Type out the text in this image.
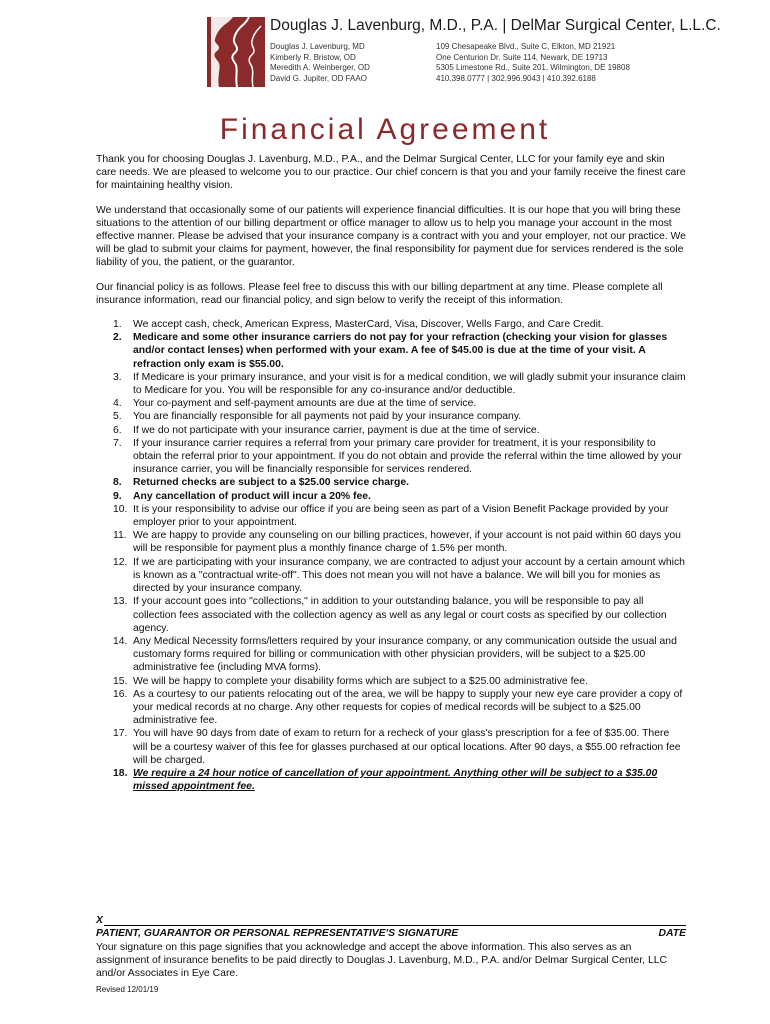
Douglas J. Lavenburg, M.D., P.A. | DelMar Surgical Center, L.L.C.
Douglas J. Lavenburg, MD
Kimberly R. Bristow, OD
Meredith A. Weinberger, OD
David G. Jupiter, OD FAAO
109 Chesapeake Blvd., Suite C, Elkton, MD 21921
One Centurion Dr. Suite 114, Newark, DE 19713
5305 Limestone Rd., Suite 201, Wilmington, DE 19808
410.398.0777 | 302.996.9043 | 410.392.6188
Financial Agreement

Thank you for choosing Douglas J. Lavenburg, M.D., P.A., and the Delmar Surgical Center, LLC for your family eye and skin care needs. We are pleased to welcome you to our practice. Our chief concern is that you and your family receive the finest care for maintaining healthy vision.

We understand that occasionally some of our patients will experience financial difficulties. It is our hope that you will bring these situations to the attention of our billing department or office manager to allow us to help you manage your account in the most effective manner. Please be advised that your insurance company is a contract with you and your employer, not our practice. We will be glad to submit your claims for payment, however, the final responsibility for payment due for services rendered is the sole liability of you, the patient, or the guarantor.

Our financial policy is as follows. Please feel free to discuss this with our billing department at any time. Please complete all insurance information, read our financial policy, and sign below to verify the receipt of this information.

1.	We accept cash, check, American Express, MasterCard, Visa, Discover, Wells Fargo, and Care Credit.
2.	Medicare and some other insurance carriers do not pay for your refraction (checking your vision for glasses and/or contact lenses) when performed with your exam. A fee of $45.00 is due at the time of your visit. A refraction only exam is $55.00.
3.	If Medicare is your primary insurance, and your visit is for a medical condition, we will gladly submit your insurance claim to Medicare for you. You will be responsible for any co-insurance and/or deductible.
4.	Your co-payment and self-payment amounts are due at the time of service.
5.	You are financially responsible for all payments not paid by your insurance company.
6.	If we do not participate with your insurance carrier, payment is due at the time of service.
7.	If your insurance carrier requires a referral from your primary care provider for treatment, it is your responsibility to obtain the referral prior to your appointment. If you do not obtain and provide the referral within the time allowed by your insurance carrier, you will be financially responsible for services rendered.
8.	Returned checks are subject to a $25.00 service charge.
9.	Any cancellation of product will incur a 20% fee.
10. It is your responsibility to advise our office if you are being seen as part of a Vision Benefit Package provided by your employer prior to your appointment.
11. We are happy to provide any counseling on our billing practices, however, if your account is not paid within 60 days you will be responsible for payment plus a monthly finance charge of 1.5% per month.
12. If we are participating with your insurance company, we are contracted to adjust your account by a certain amount which is known as a "contractual write-off". This does not mean you will not have a balance. We will bill you for monies as directed by your insurance company.
13. If your account goes into "collections," in addition to your outstanding balance, you will be responsible to pay all collection fees associated with the collection agency as well as any legal or court costs as specified by our collection agency.
14. Any Medical Necessity forms/letters required by your insurance company, or any communication outside the usual and customary forms required for billing or communication with other physician providers, will be subject to a $25.00 administrative fee (including MVA forms).
15. We will be happy to complete your disability forms which are subject to a $25.00 administrative fee.
16. As a courtesy to our patients relocating out of the area, we will be happy to supply your new eye care provider a copy of your medical records at no charge. Any other requests for copies of medical records will be subject to a $25.00 administrative fee.
17. You will have 90 days from date of exam to return for a recheck of your glass's prescription for a fee of $35.00. There will be a courtesy waiver of this fee for glasses purchased at our optical locations. After 90 days, a $55.00 refraction fee will be charged.
18. We require a 24 hour notice of cancellation of your appointment. Anything other will be subject to a $35.00 missed appointment fee.
X
PATIENT, GUARANTOR OR PERSONAL REPRESENTATIVE'S SIGNATURE	DATE
Your signature on this page signifies that you acknowledge and accept the above information. This also serves as an assignment of insurance benefits to be paid directly to Douglas J. Lavenburg, M.D., P.A. and/or Delmar Surgical Center, LLC and/or Associates in Eye Care.
Revised 12/01/19
